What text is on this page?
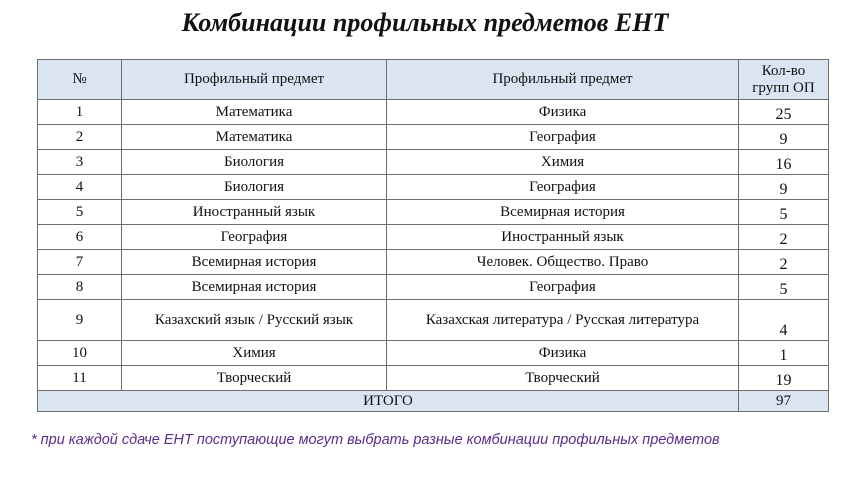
Комбинации профильных предметов ЕНТ
№	Профильный предмет	Профильный предмет	Кол-во групп ОП
1	Математика	Физика	25
2	Математика	География	9
3	Биология	Химия	16
4	Биология	География	9
5	Иностранный язык	Всемирная история	5
6	География	Иностранный язык	2
7	Всемирная история	Человек. Общество. Право	2
8	Всемирная история	География	5
9	Казахский язык / Русский язык	Казахская литература / Русская литература	4
10	Химия	Физика	1
11	Творческий	Творческий	19
ИТОГО			97
* при каждой сдаче ЕНТ поступающие могут выбрать разные комбинации профильных предметов
